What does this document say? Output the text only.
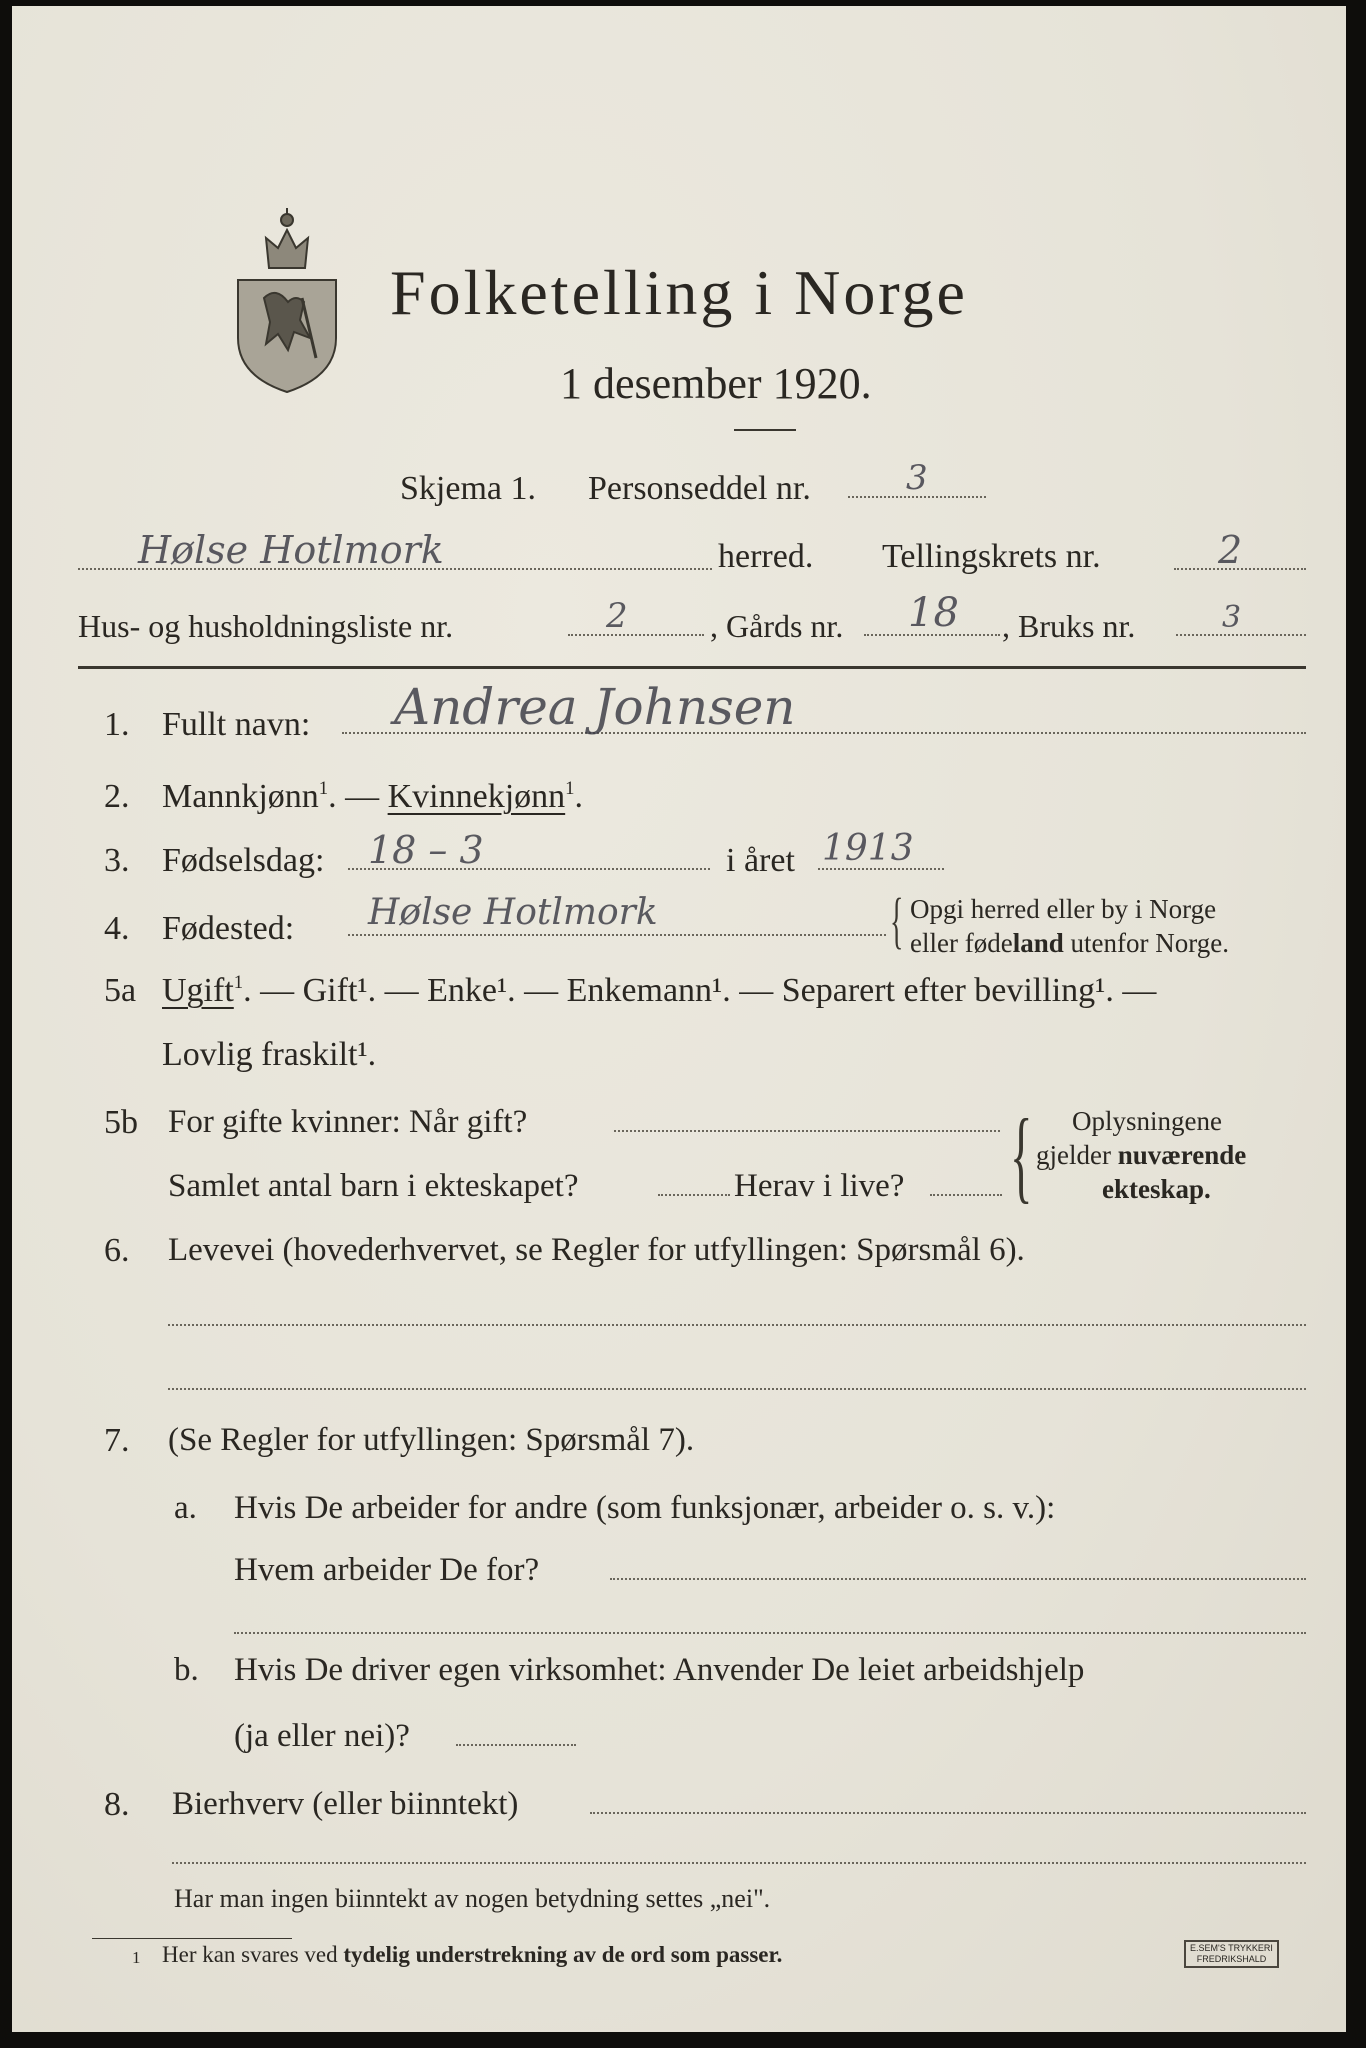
Folketelling i Norge
1 desember 1920.
Skjema 1. Personseddel nr.	3
Hølse Hotlmork	herred. Tellingskrets nr.	2
Hus- og husholdningsliste nr.	2	, Gårds nr. 18 , Bruks nr.	3
1. Fullt navn: Andrea Johnsen
2. Mannkjønn$^1$. — Kvinnekjønn$^1$.
3. Fødselsdag: 18 – 3	i året 1913
4. Fødested: Hølse Hotlmork	{ Opgi herred eller by i Norge
eller fødeland utenfor Norge.
5a Ugift$^1$. — Gift¹. — Enke¹. — Enkemann¹. — Separert efter bevilling¹. —
Lovlig fraskilt¹.
5b For gifte kvinner: Når gift?
Samlet antal barn i ekteskapet?	Herav i live? { Oplysningene
gjelder nuværende
ekteskap.
6. Levevei (hovederhvervet, se Regler for utfyllingen: Spørsmål 6).
7. (Se Regler for utfyllingen: Spørsmål 7).
a. Hvis De arbeider for andre (som funksjonær, arbeider o. s. v.):
Hvem arbeider De for?
b. Hvis De driver egen virksomhet: Anvender De leiet arbeidshjelp
(ja eller nei)?
8. Bierhverv (eller biinntekt)
Har man ingen biinntekt av nogen betydning settes „nei".
1 Her kan svares ved tydelig understrekning av de ord som passer.	E.SEM'S TRYKKERI
FREDRIKSHALD
